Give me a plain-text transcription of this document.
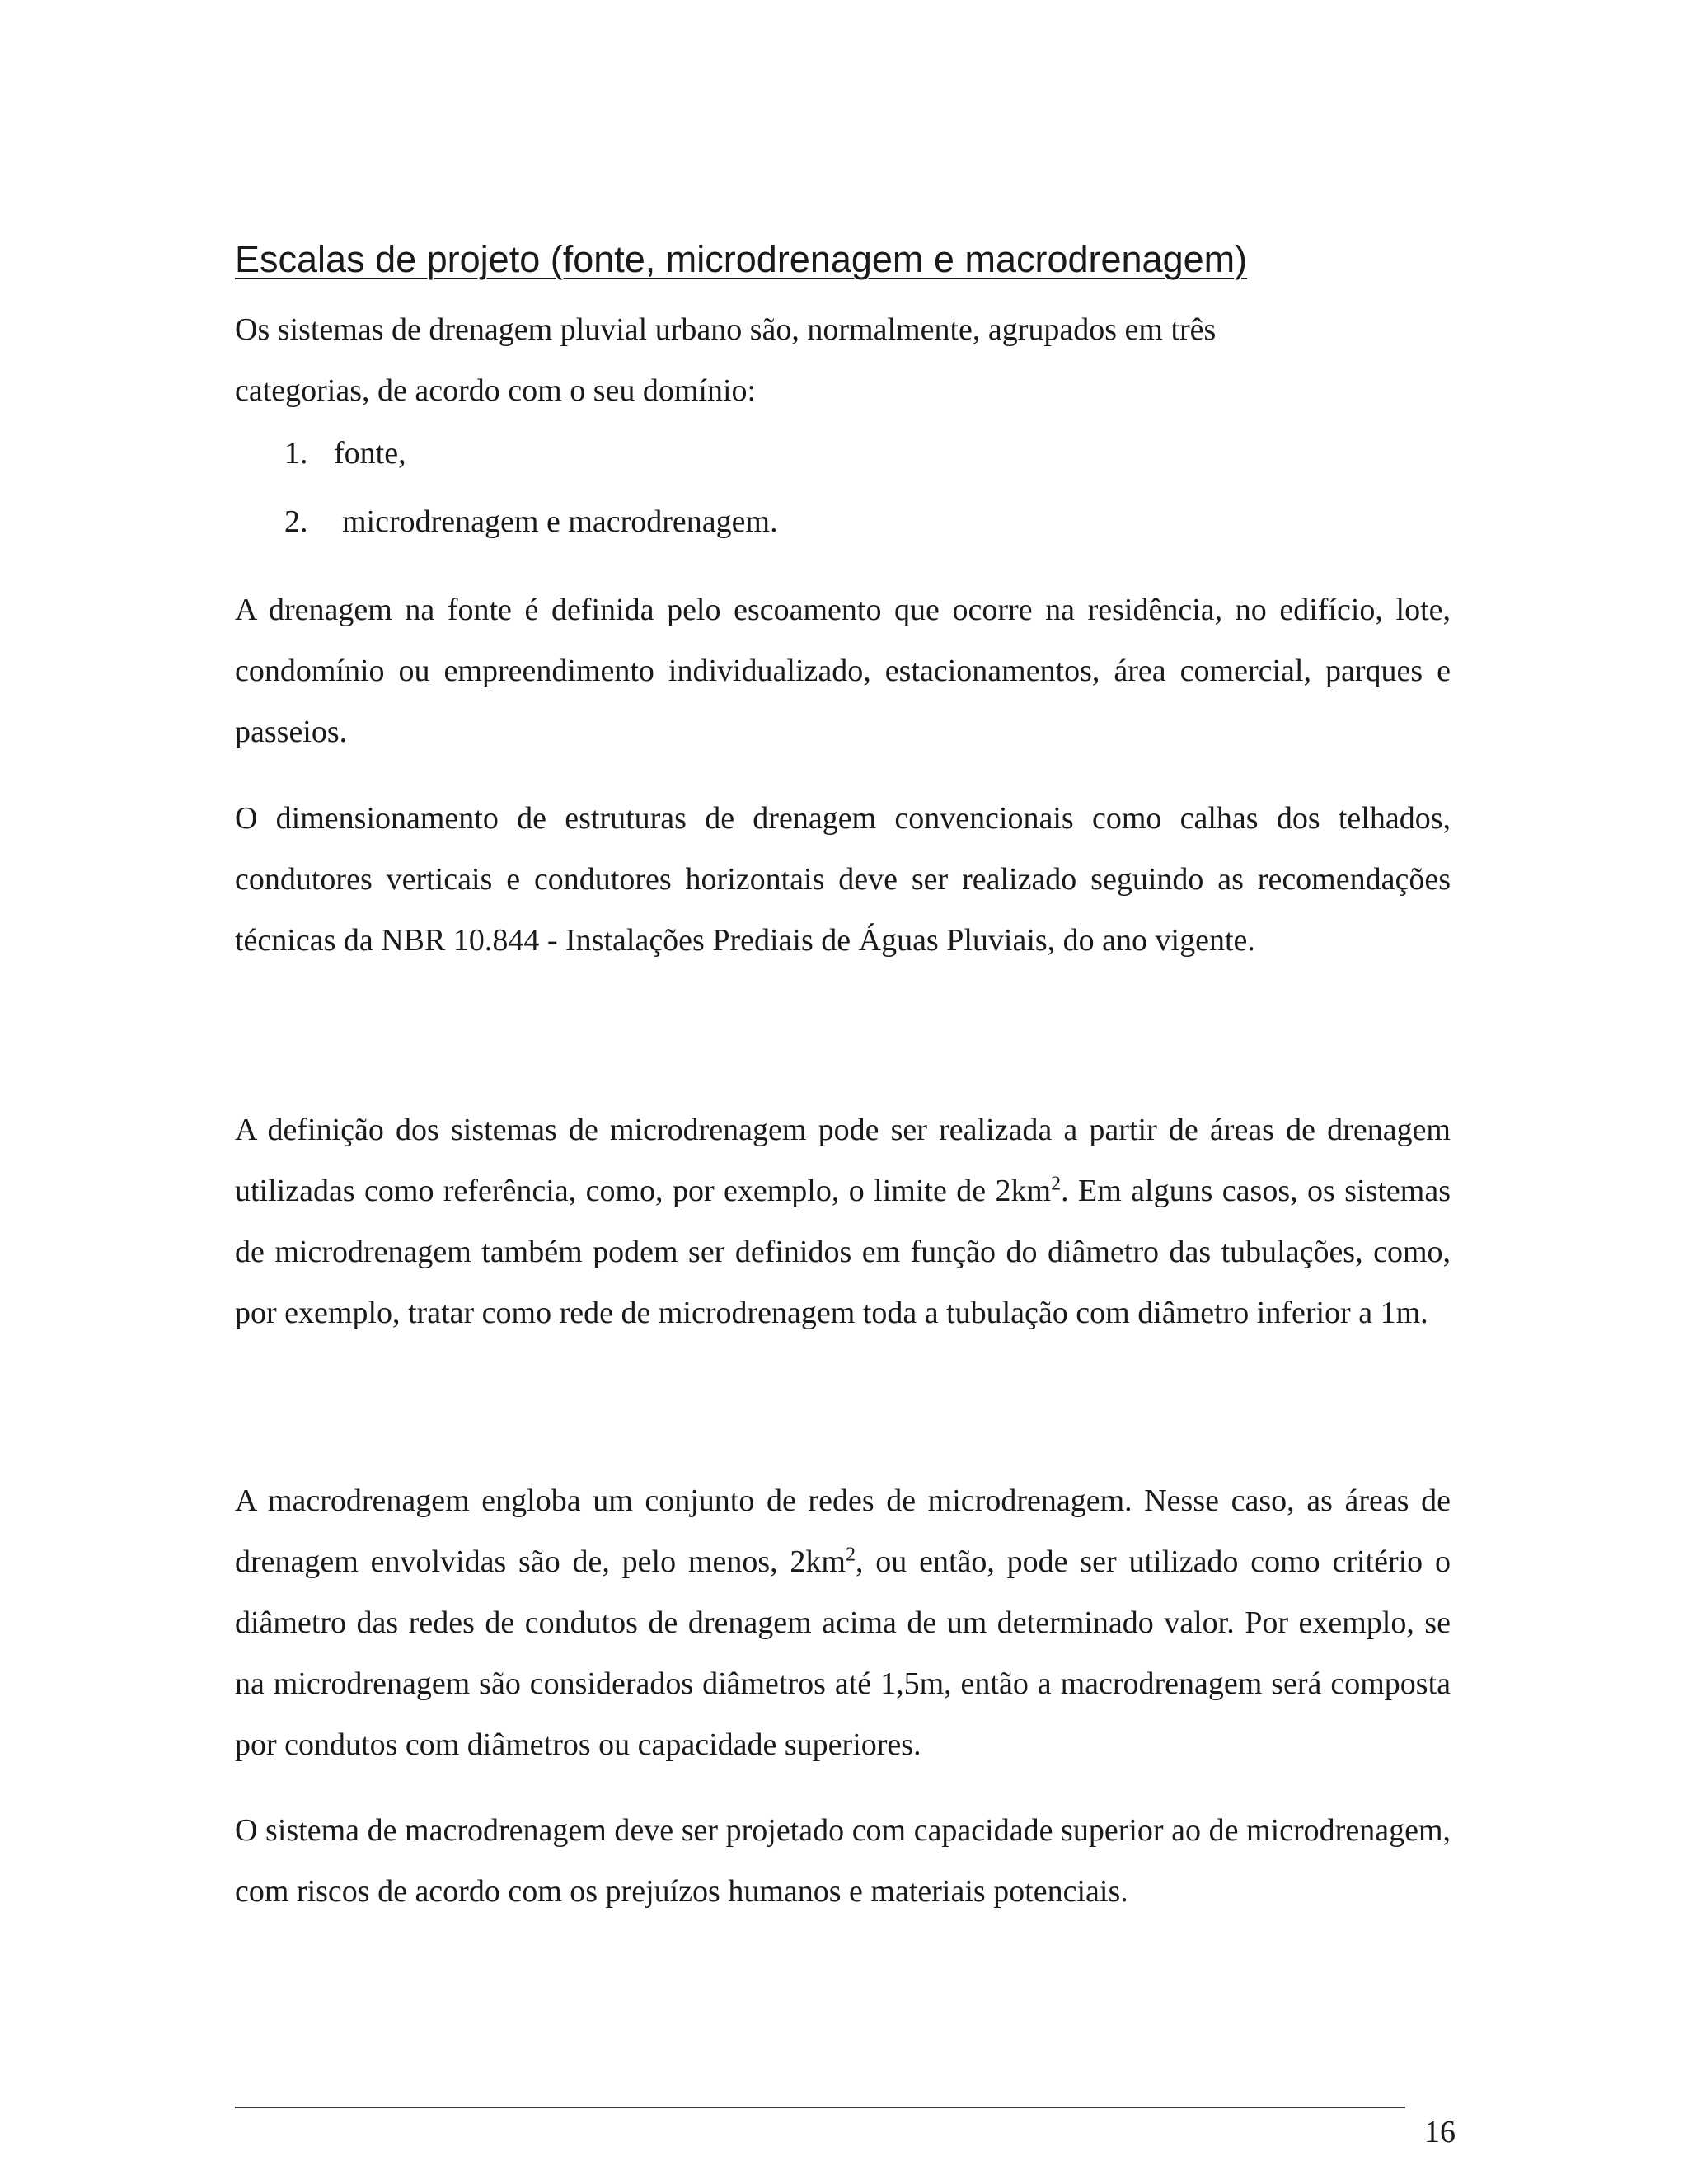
Escalas de projeto (fonte, microdrenagem e macrodrenagem)

Os sistemas de drenagem pluvial urbano são, normalmente, agrupados em três categorias, de acordo com o seu domínio:

1. fonte,
2. microdrenagem e macrodrenagem.

A drenagem na fonte é definida pelo escoamento que ocorre na residência, no edifício, lote, condomínio ou empreendimento individualizado, estacionamentos, área comercial, parques e passeios.

O dimensionamento de estruturas de drenagem convencionais como calhas dos telhados, condutores verticais e condutores horizontais deve ser realizado seguindo as recomendações técnicas da NBR 10.844 - Instalações Prediais de Águas Pluviais, do ano vigente.

A definição dos sistemas de microdrenagem pode ser realizada a partir de áreas de drenagem utilizadas como referência, como, por exemplo, o limite de $2km^2$. Em alguns casos, os sistemas de microdrenagem também podem ser definidos em função do diâmetro das tubulações, como, por exemplo, tratar como rede de microdrenagem toda a tubulação com diâmetro inferior a 1m.

A macrodrenagem engloba um conjunto de redes de microdrenagem. Nesse caso, as áreas de drenagem envolvidas são de, pelo menos, $2km^2$, ou então, pode ser utilizado como critério o diâmetro das redes de condutos de drenagem acima de um determinado valor. Por exemplo, se na microdrenagem são considerados diâmetros até 1,5m, então a macrodrenagem será composta por condutos com diâmetros ou capacidade superiores.

O sistema de macrodrenagem deve ser projetado com capacidade superior ao de microdrenagem, com riscos de acordo com os prejuízos humanos e materiais potenciais.

16
